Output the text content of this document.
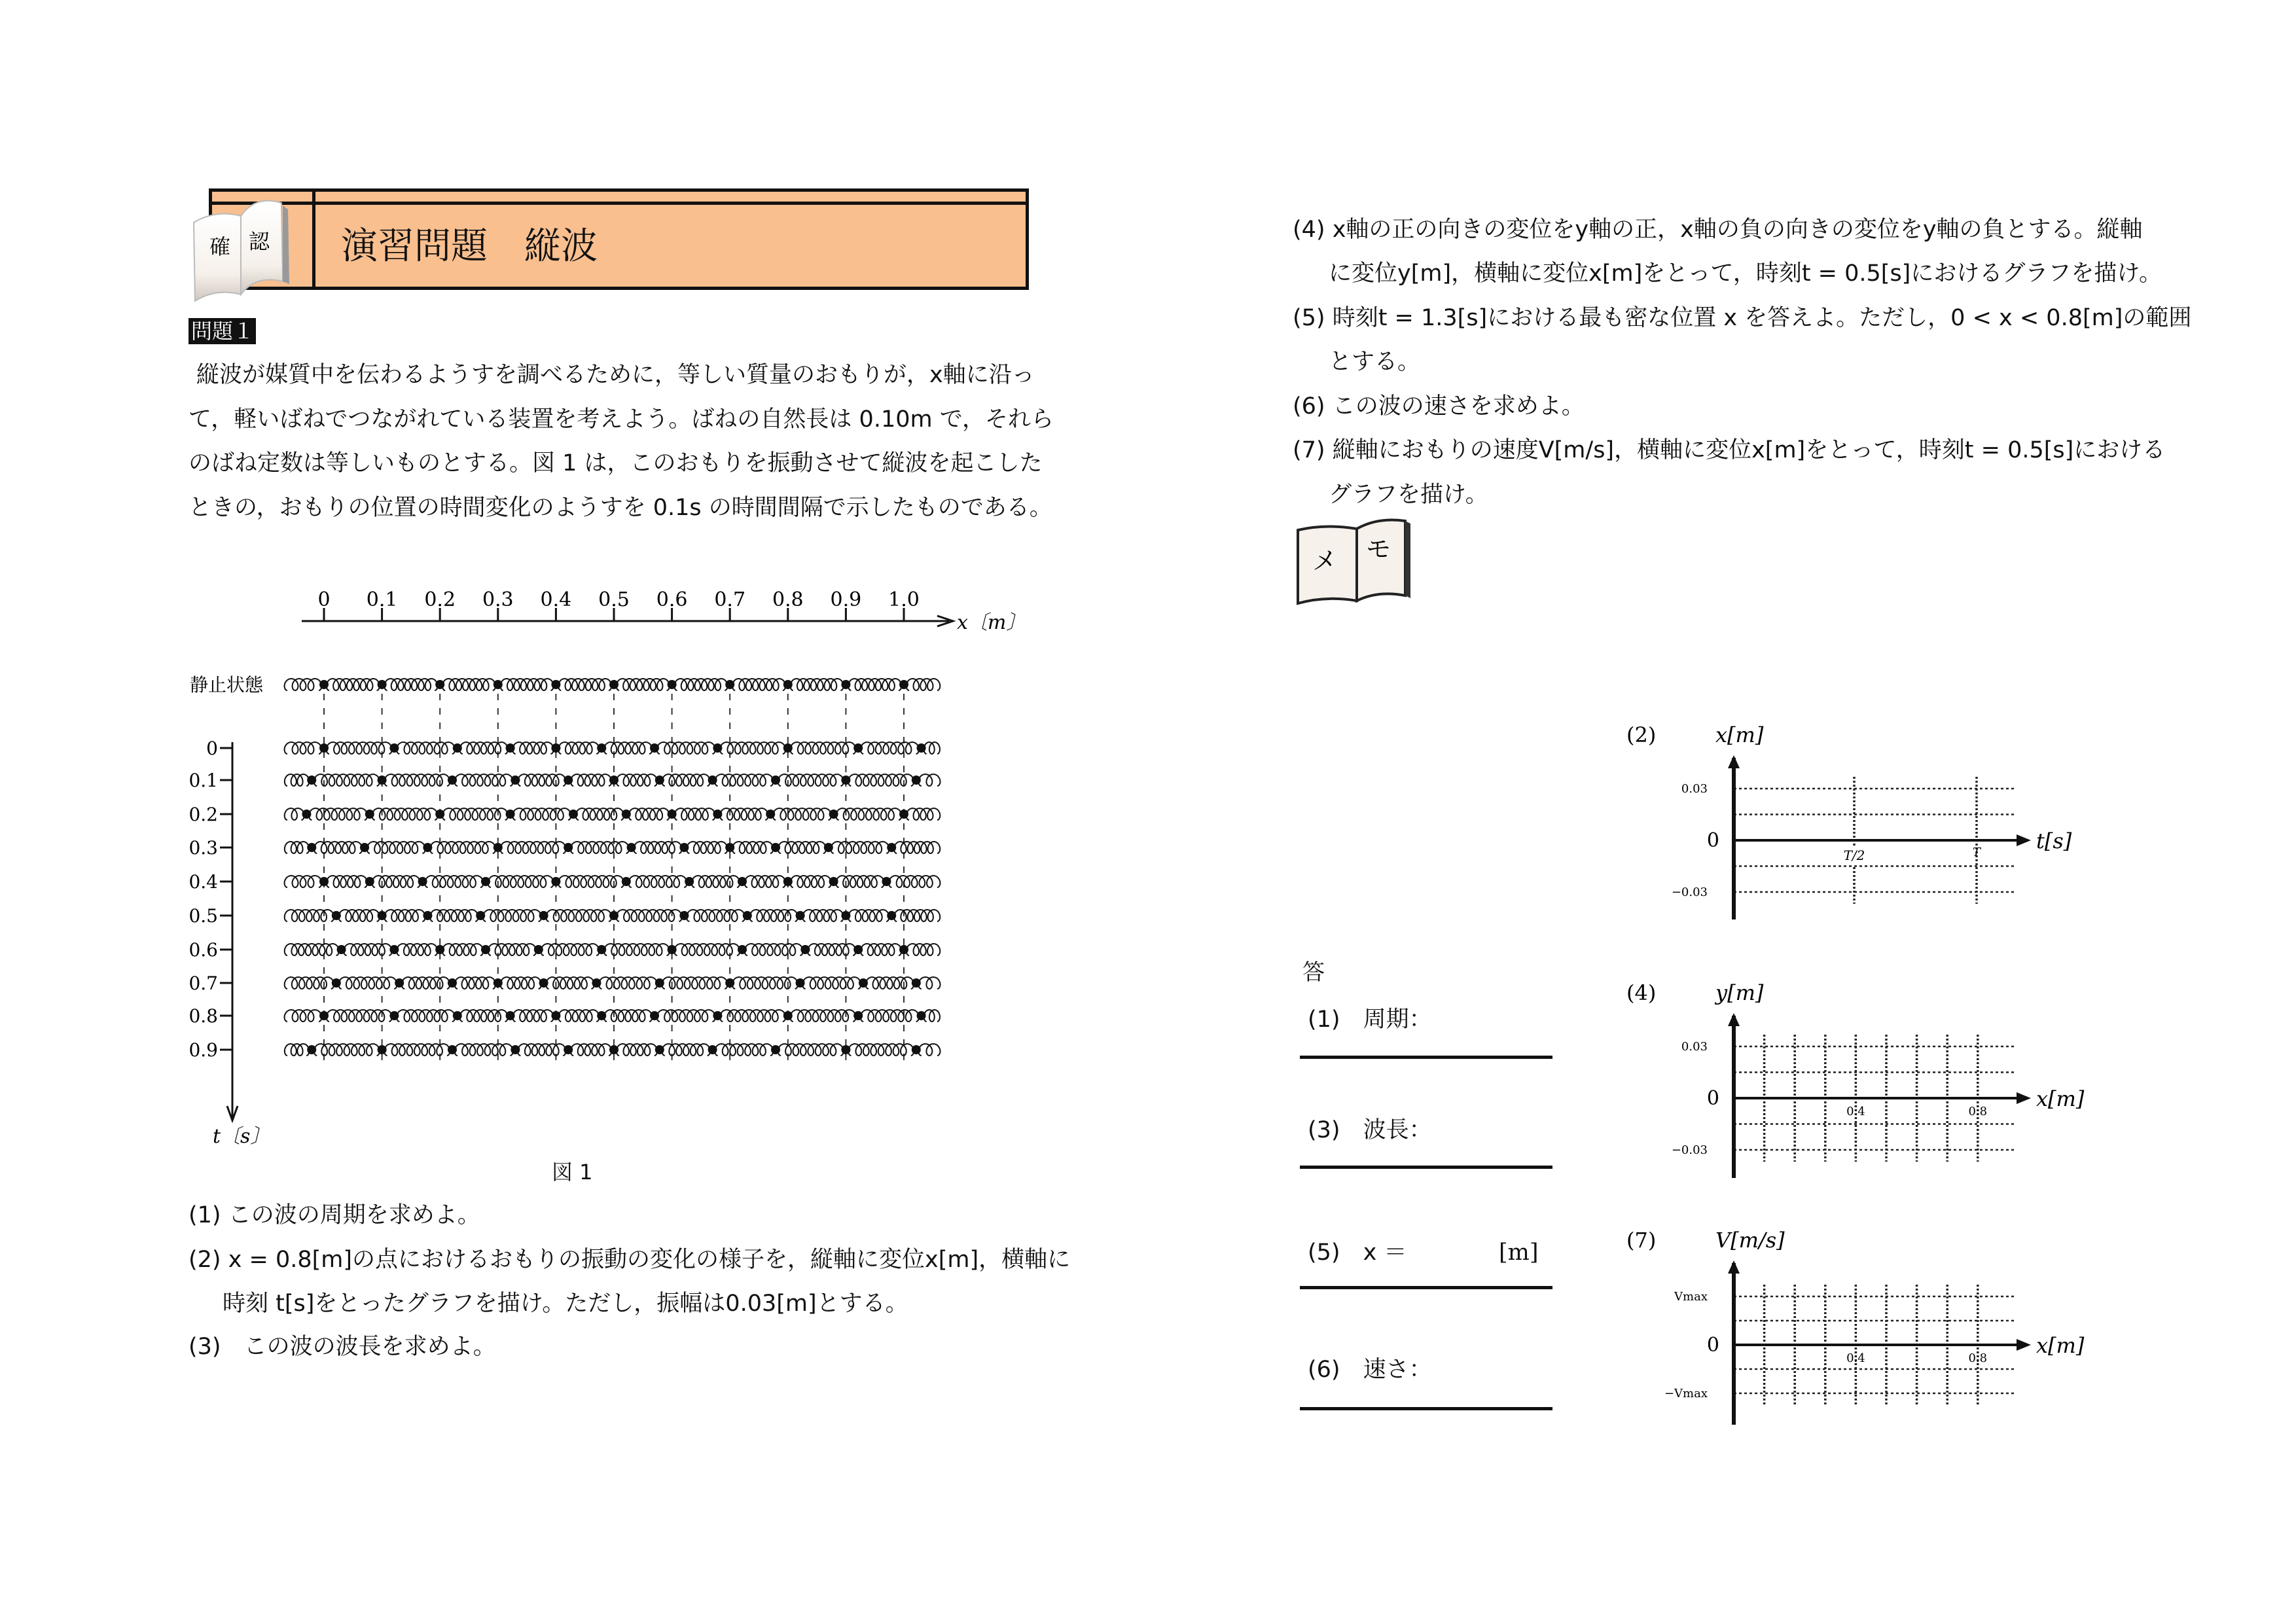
演習問題　縦波
確 認
問題１
縦波が媒質中を伝わるようすを調べるために，等しい質量のおもりが，x軸に沿っ
て，軽いばねでつながれている装置を考えよう。ばねの自然長は 0.10m で，それら
のばね定数は等しいものとする。図 1 は，このおもりを振動させて縦波を起こした
ときの，おもりの位置の時間変化のようすを 0.1s の時間間隔で示したものである。
x〔m〕
0 0.1 0.2 0.3 0.4 0.5 0.6 0.7 0.8 0.9 1.0
静止状態
t〔s〕
0
0.1
0.2
0.3
0.4
0.5
0.6
0.7
0.8
0.9
図 1
(1) この波の周期を求めよ。
(2) x = 0.8[m]の点におけるおもりの振動の変化の様子を，縦軸に変位x[m]，横軸に
時刻 t[s]をとったグラフを描け。ただし，振幅は0.03[m]とする。
(3)　この波の波長を求めよ。
(4) x軸の正の向きの変位をy軸の正，x軸の負の向きの変位をy軸の負とする。縦軸
に変位y[m]，横軸に変位x[m]をとって，時刻t = 0.5[s]におけるグラフを描け。
(5) 時刻t = 1.3[s]における最も密な位置 x を答えよ。ただし，0 < x < 0.8[m]の範囲
とする。
(6) この波の速さを求めよ。
(7) 縦軸におもりの速度V[m/s]，横軸に変位x[m]をとって，時刻t = 0.5[s]における
グラフを描け。
メ モ
答
(1)　周期：
(3)　波長：
(5)　x ＝	[m]
(6)　速さ：
(2)	x[m]
t[s]
0.03
0
−0.03
T/2	T
(4)	y[m]
x[m]
0.03
0
−0.03
0.4	0.8
(7)	V[m/s]
x[m]
Vmax
0
−Vmax
0.4	0.8
